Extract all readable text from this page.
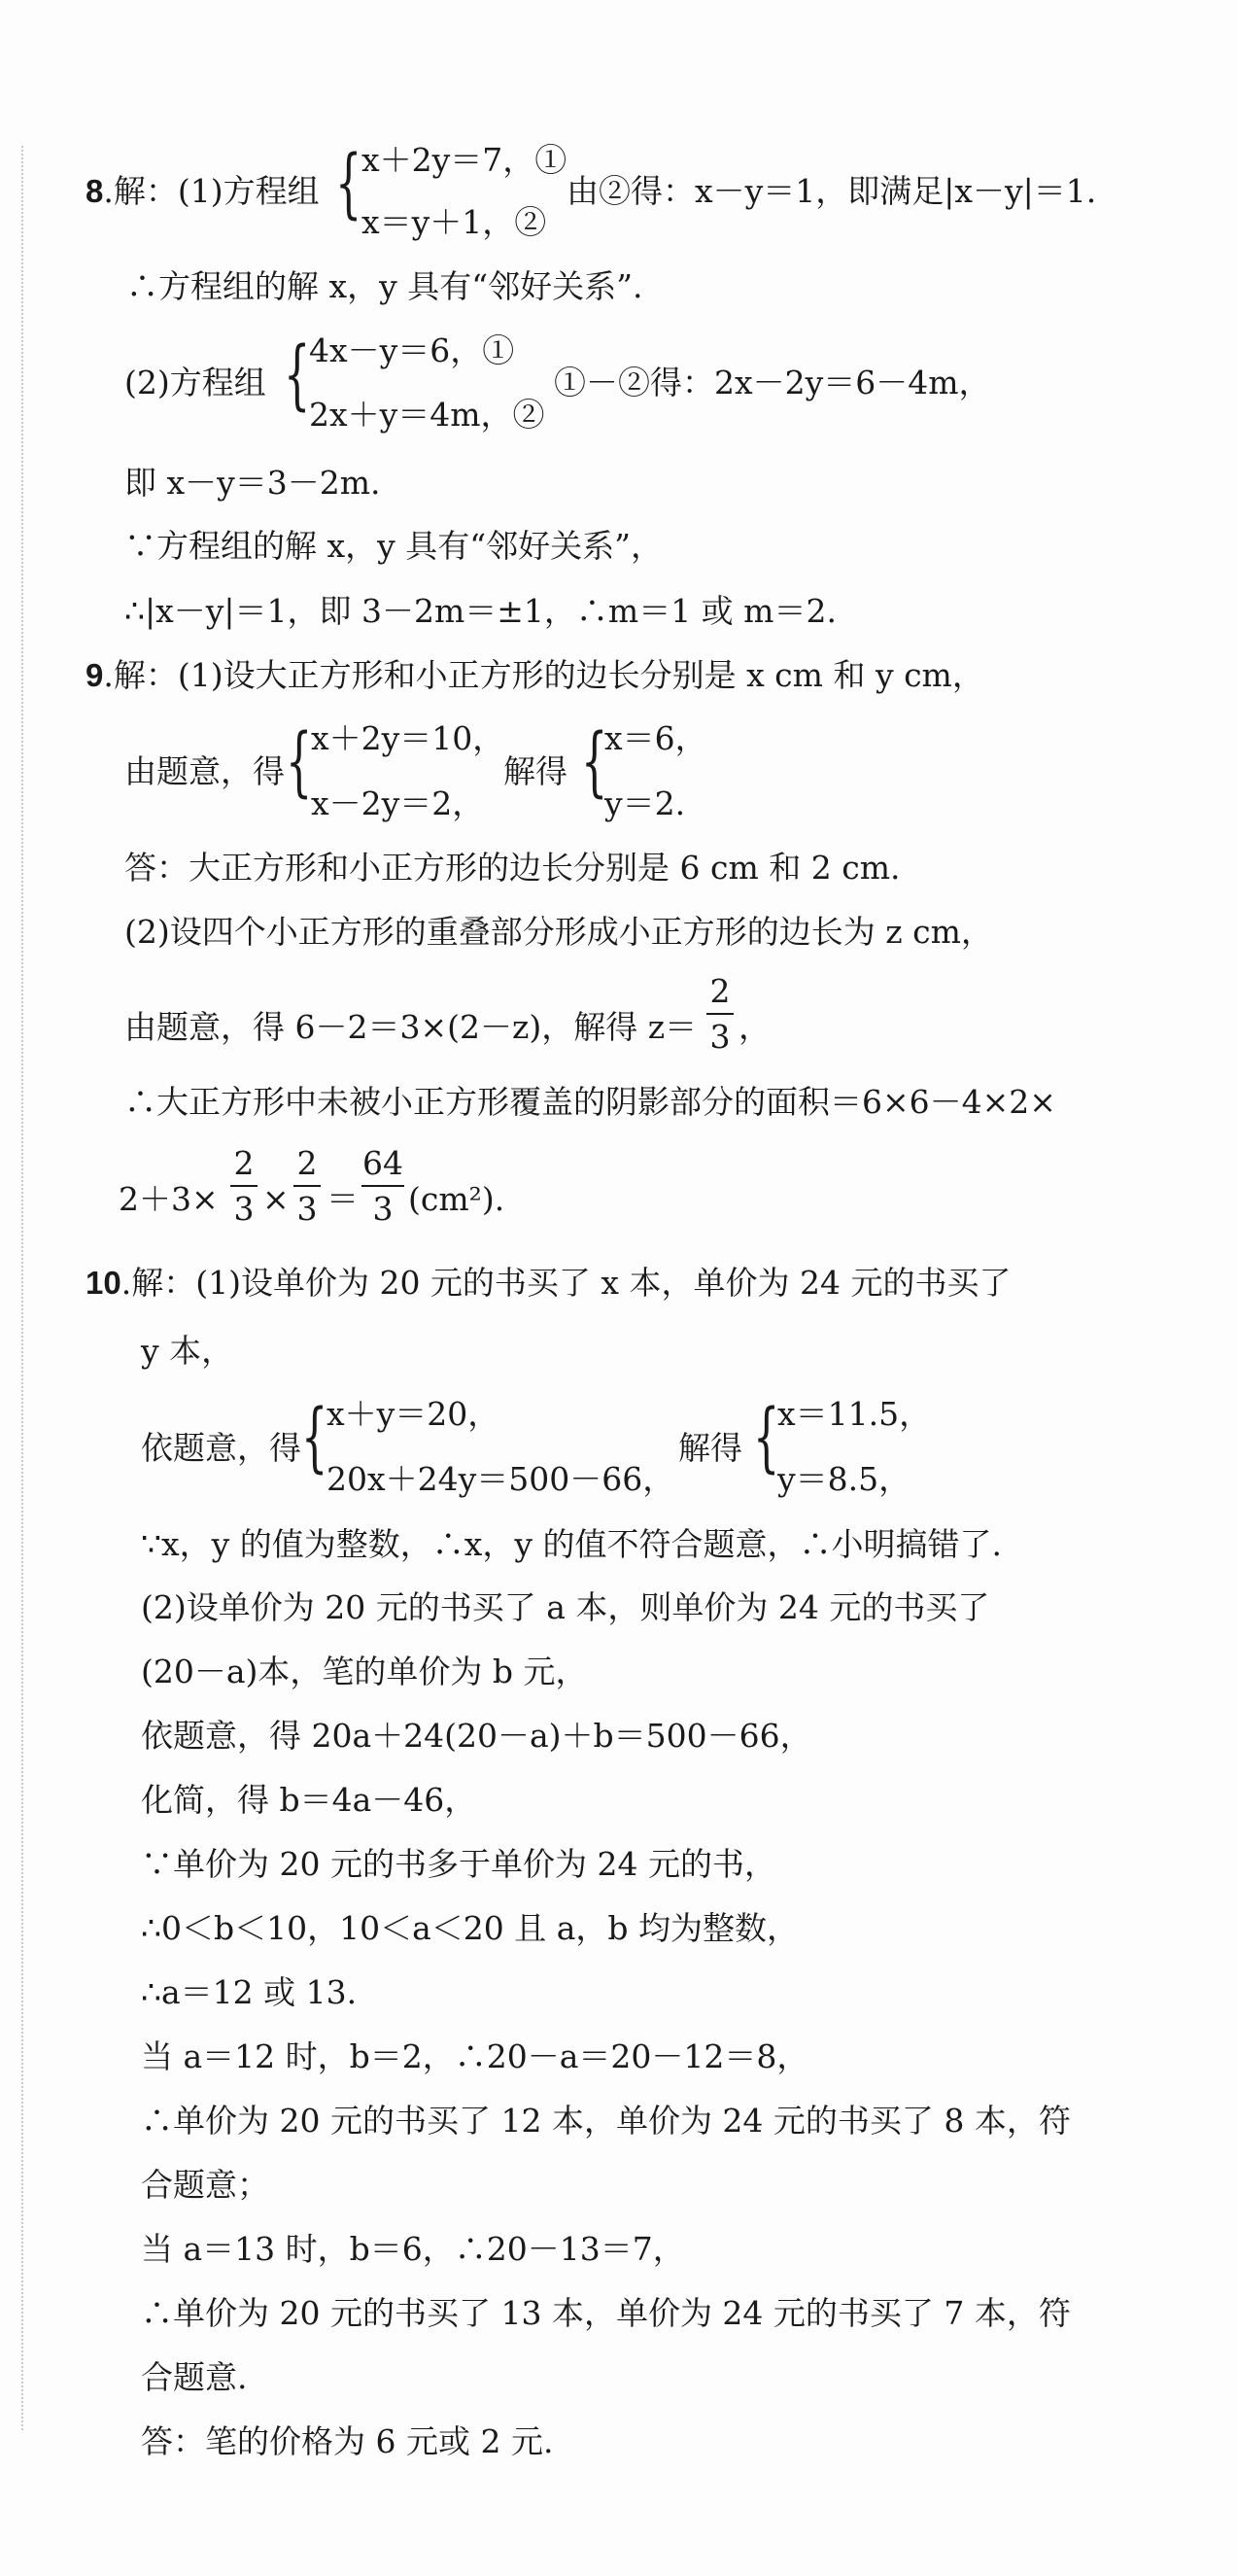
8.解：(1)方程组 { x＋2y＝7，①
x＝y＋1，②
由②得：x－y＝1，即满足|x－y|＝1.
∴方程组的解 x，y 具有“邻好关系”.
(2)方程组 {
4x－y＝6，①
2x＋y＝4m，②
①－②得：2x－2y＝6－4m，
即 x－y＝3－2m.
∵方程组的解 x，y 具有“邻好关系”，
∴|x－y|＝1，即 3－2m＝±1，∴m＝1 或 m＝2.
9.解：(1)设大正方形和小正方形的边长分别是 x cm 和 y cm，
由题意，得 {
x＋2y＝10，
x－2y＝2，
解得 {
x＝6，
y＝2.
答：大正方形和小正方形的边长分别是 6 cm 和 2 cm.
(2)设四个小正方形的重叠部分形成小正方形的边长为 z cm，
由题意，得 6－2＝3×(2－z)，解得 z＝
2
3 ，
∴大正方形中未被小正方形覆盖的阴影部分的面积＝6×6－4×2×
2＋3×
2
3 ×
2
3 ＝
64
3 (cm²).
10.解：(1)设单价为 20 元的书买了 x 本，单价为 24 元的书买了
y 本，
依题意，得 {
x＋y＝20，
20x＋24y＝500－66，
解得 {
x＝11.5，
y＝8.5，
∵x，y 的值为整数，∴x，y 的值不符合题意，∴小明搞错了.
(2)设单价为 20 元的书买了 a 本，则单价为 24 元的书买了
(20－a)本，笔的单价为 b 元，
依题意，得 20a＋24(20－a)＋b＝500－66，
化简，得 b＝4a－46，
∵单价为 20 元的书多于单价为 24 元的书，
∴0＜b＜10，10＜a＜20 且 a，b 均为整数，
∴a＝12 或 13.
当 a＝12 时，b＝2，∴20－a＝20－12＝8，
∴单价为 20 元的书买了 12 本，单价为 24 元的书买了 8 本，符
合题意；
当 a＝13 时，b＝6，∴20－13＝7，
∴单价为 20 元的书买了 13 本，单价为 24 元的书买了 7 本，符
合题意.
答：笔的价格为 6 元或 2 元.
